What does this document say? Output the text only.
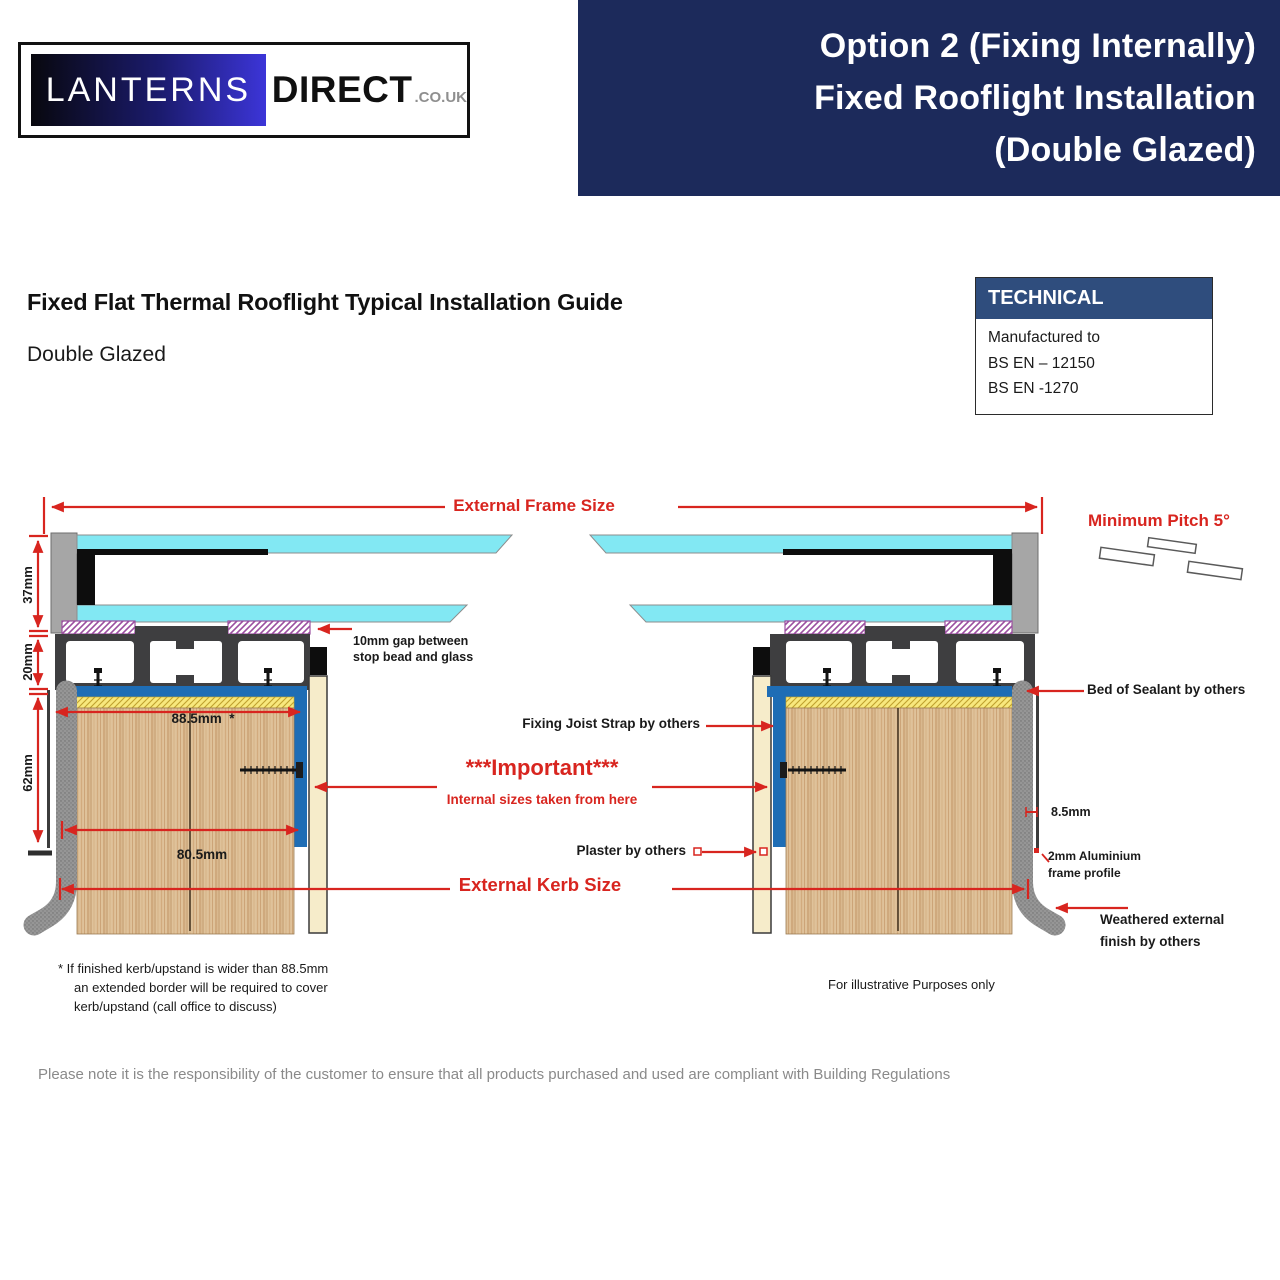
Option 2 (Fixing Internally)
Fixed Rooflight Installation
(Double Glazed)
LANTERNS DIRECT .CO.UK
Fixed Flat Thermal Rooflight Typical Installation Guide
Double Glazed
TECHNICAL
Manufactured to
BS EN – 12150
BS EN -1270
External Frame Size
Minimum Pitch 5°
37mm
20mm
62mm
10mm gap between
stop bead and glass
88.5mm  *
80.5mm
Fixing Joist Strap by others
***Important***
Internal sizes taken from here
Plaster by others
External Kerb Size
Bed of Sealant by others
8.5mm
2mm Aluminium
frame profile
Weathered external
finish by others
For illustrative Purposes only
* If finished kerb/upstand is wider than 88.5mm
an extended border will be required to cover
kerb/upstand (call office to discuss)
Please note it is the responsibility of the customer to ensure that all products purchased and used are compliant with Building Regulations
